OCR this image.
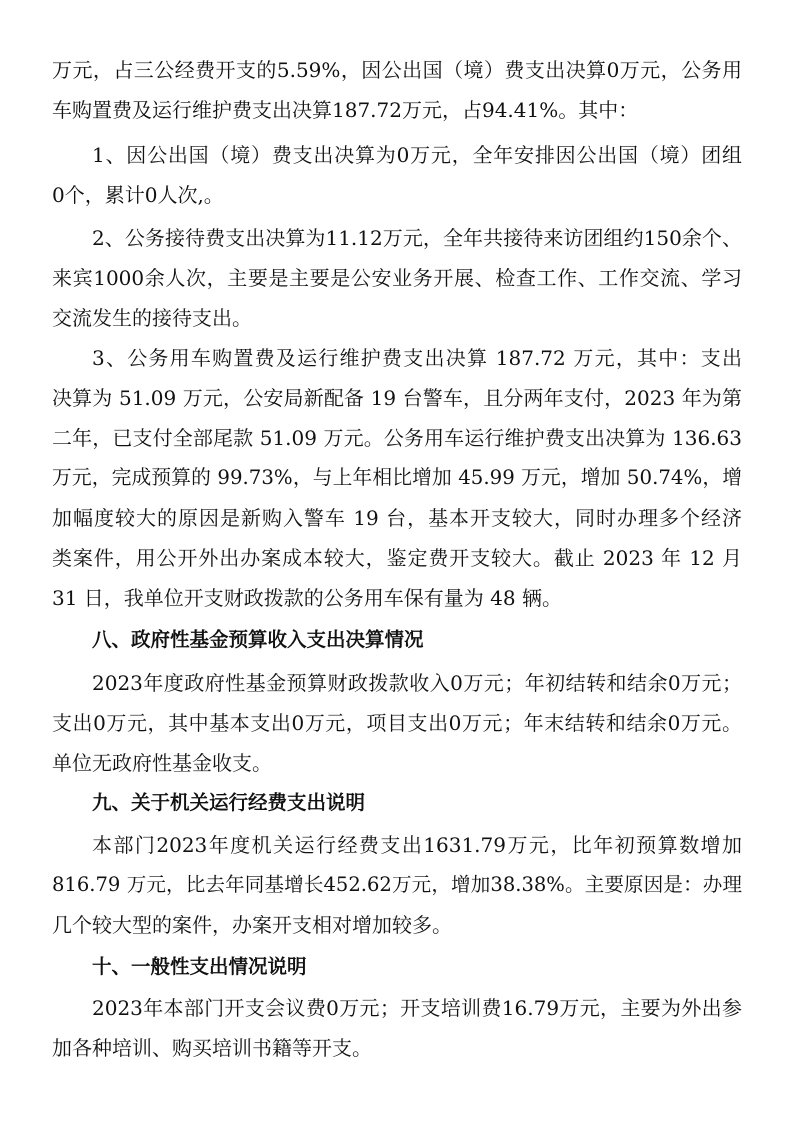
万元，占三公经费开支的5.59%，因公出国（境）费支出决算0万元，公务用
车购置费及运行维护费支出决算187.72万元，占94.41%。其中：
1、因公出国（境）费支出决算为0万元，全年安排因公出国（境）团组
0个，累计0人次,。
2、公务接待费支出决算为11.12万元，全年共接待来访团组约150余个、
来宾1000余人次，主要是主要是公安业务开展、检查工作、工作交流、学习
交流发生的接待支出。
3、公务用车购置费及运行维护费支出决算 187.72 万元，其中：支出
决算为 51.09 万元，公安局新配备 19 台警车，且分两年支付，2023 年为第
二年，已支付全部尾款 51.09 万元。公务用车运行维护费支出决算为 136.63
万元，完成预算的 99.73%，与上年相比增加 45.99 万元，增加 50.74%，增
加幅度较大的原因是新购入警车 19 台，基本开支较大，同时办理多个经济
类案件，用公开外出办案成本较大，鉴定费开支较大。截止 2023 年 12 月
31 日，我单位开支财政拨款的公务用车保有量为 48 辆。
八、政府性基金预算收入支出决算情况
2023年度政府性基金预算财政拨款收入0万元；年初结转和结余0万元；
支出0万元，其中基本支出0万元，项目支出0万元；年末结转和结余0万元。
单位无政府性基金收支。
九、关于机关运行经费支出说明
本部门2023年度机关运行经费支出1631.79万元，比年初预算数增加
816.79 万元，比去年同基增长452.62万元，增加38.38%。主要原因是：办理
几个较大型的案件，办案开支相对增加较多。
十、一般性支出情况说明
2023年本部门开支会议费0万元；开支培训费16.79万元，主要为外出参
加各种培训、购买培训书籍等开支。
